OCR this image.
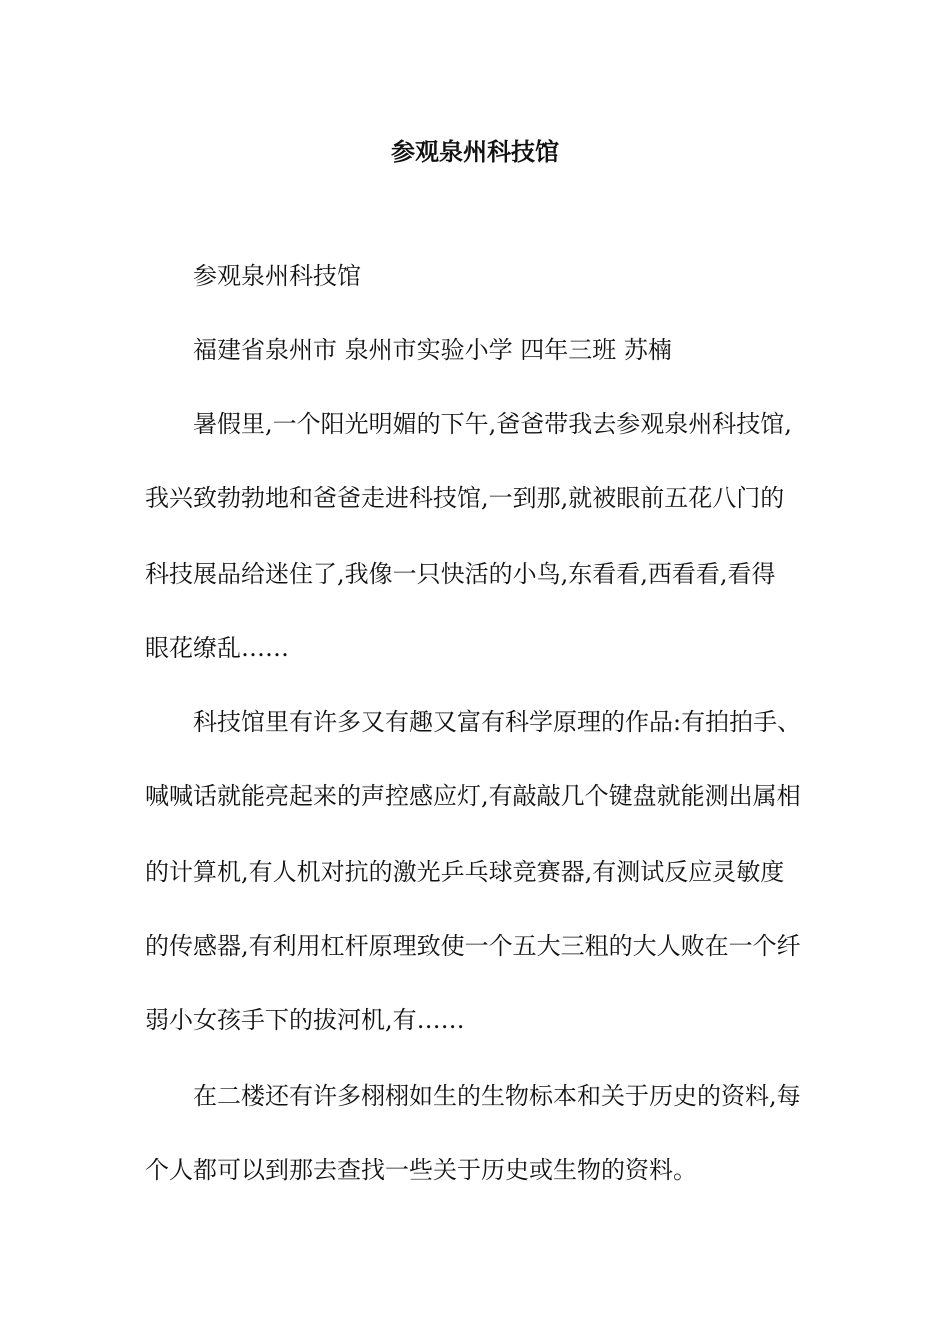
参观泉州科技馆
参观泉州科技馆
福建省泉州市 泉州市实验小学 四年三班 苏楠
暑假里,一个阳光明媚的下午,爸爸带我去参观泉州科技馆,
我兴致勃勃地和爸爸走进科技馆,一到那,就被眼前五花八门的
科技展品给迷住了,我像一只快活的小鸟,东看看,西看看,看得
眼花缭乱……
科技馆里有许多又有趣又富有科学原理的作品:有拍拍手、
喊喊话就能亮起来的声控感应灯,有敲敲几个键盘就能测出属相
的计算机,有人机对抗的激光乒乓球竞赛器,有测试反应灵敏度
的传感器,有利用杠杆原理致使一个五大三粗的大人败在一个纤
弱小女孩手下的拔河机,有……
在二楼还有许多栩栩如生的生物标本和关于历史的资料,每
个人都可以到那去查找一些关于历史或生物的资料。
